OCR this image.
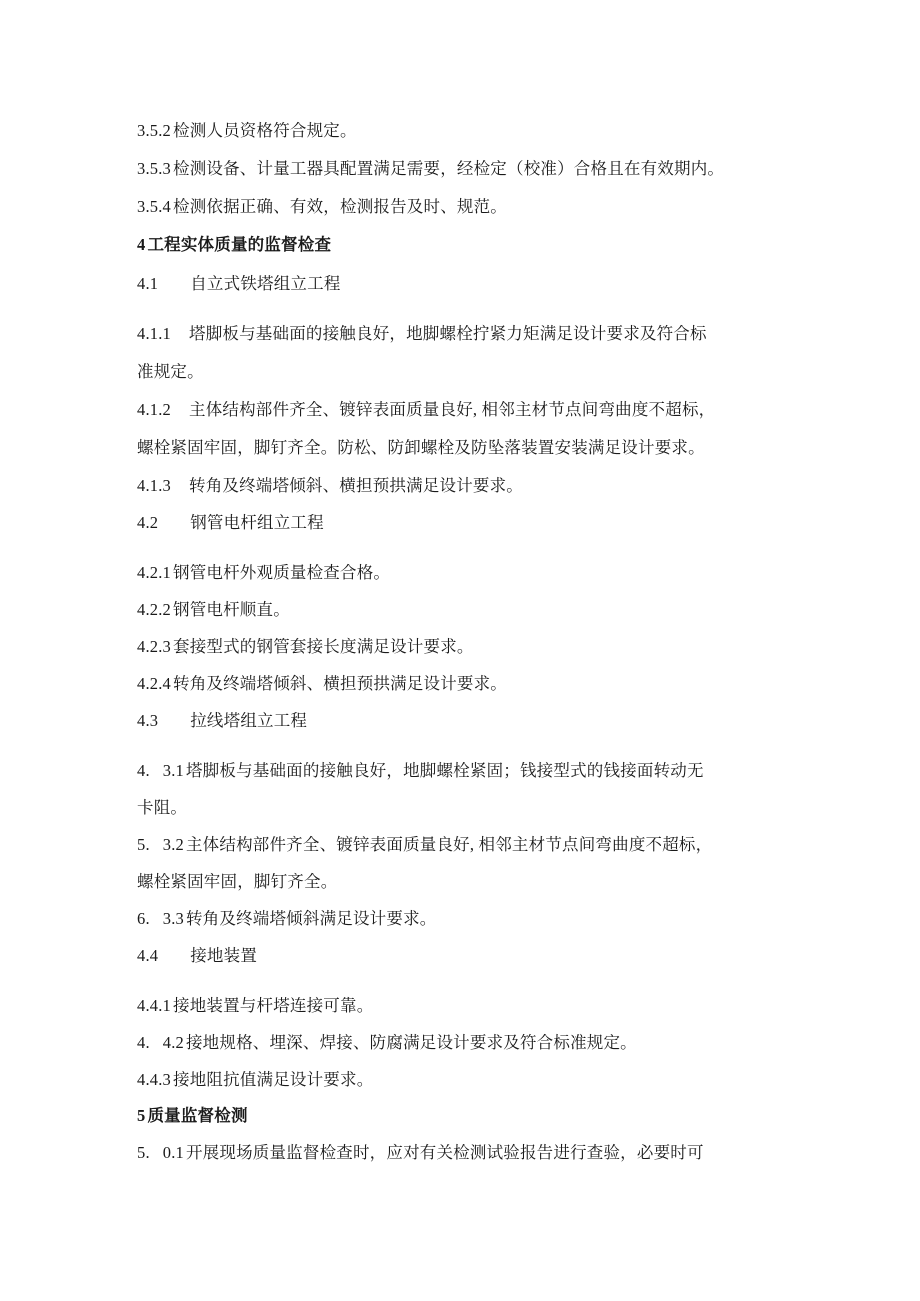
3.5.2 检测人员资格符合规定。
3.5.3 检测设备、计量工器具配置满足需要，经检定（校准）合格且在有效期内。
3.5.4 检测依据正确、有效，检测报告及时、规范。
4 工程实体质量的监督检查
4.1 自立式铁塔组立工程
4.1.1 塔脚板与基础面的接触良好，地脚螺栓拧紧力矩满足设计要求及符合标
准规定。
4.1.2 主体结构部件齐全、镀锌表面质量良好, 相邻主材节点间弯曲度不超标，
螺栓紧固牢固，脚钉齐全。防松、防卸螺栓及防坠落装置安装满足设计要求。
4.1.3 转角及终端塔倾斜、横担预拱满足设计要求。
4.2 钢管电杆组立工程
4.2.1 钢管电杆外观质量检查合格。
4.2.2 钢管电杆顺直。
4.2.3 套接型式的钢管套接长度满足设计要求。
4.2.4 转角及终端塔倾斜、横担预拱满足设计要求。
4.3 拉线塔组立工程
4.   3.1 塔脚板与基础面的接触良好，地脚螺栓紧固；钱接型式的钱接面转动无
卡阻。
5.   3.2 主体结构部件齐全、镀锌表面质量良好, 相邻主材节点间弯曲度不超标，
螺栓紧固牢固，脚钉齐全。
6.   3.3 转角及终端塔倾斜满足设计要求。
4.4 接地装置
4.4.1 接地装置与杆塔连接可靠。
4.   4.2 接地规格、埋深、焊接、防腐满足设计要求及符合标准规定。
4.4.3 接地阻抗值满足设计要求。
5 质量监督检测
5.   0.1 开展现场质量监督检查时，应对有关检测试验报告进行查验，必要时可
